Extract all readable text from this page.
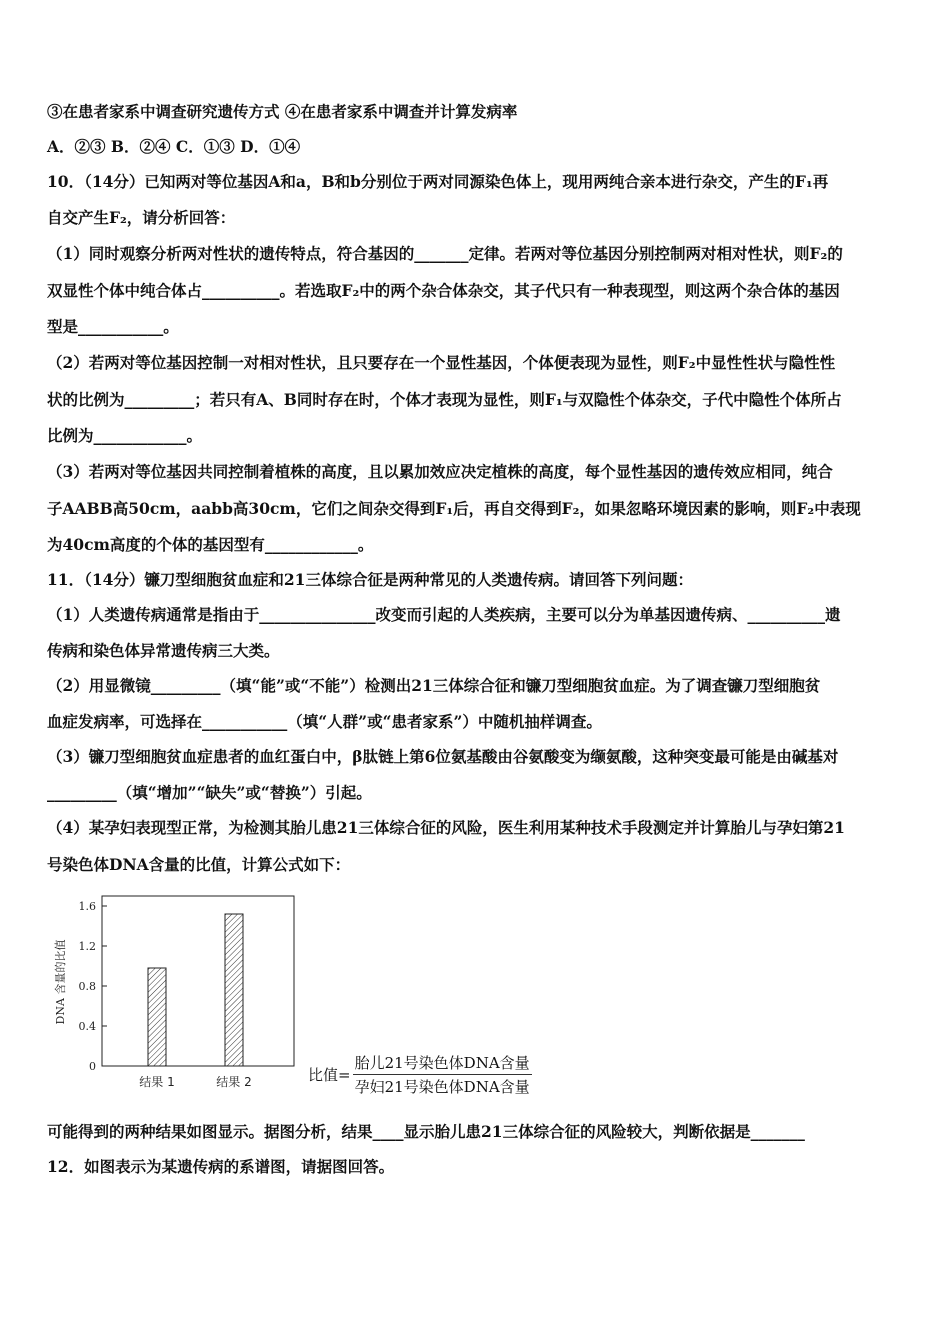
③在患者家系中调查研究遗传方式 ④在患者家系中调查并计算发病率
A．②③ B．②④ C．①③ D．①④
10．（14分）已知两对等位基因A和a，B和b分别位于两对同源染色体上，现用两纯合亲本进行杂交，产生的F₁再
自交产生F₂，请分析回答：
（1）同时观察分析两对性状的遗传特点，符合基因的_______定律。若两对等位基因分别控制两对相对性状，则F₂的
双显性个体中纯合体占__________。若选取F₂中的两个杂合体杂交，其子代只有一种表现型，则这两个杂合体的基因
型是___________。
（2）若两对等位基因控制一对相对性状，且只要存在一个显性基因，个体便表现为显性，则F₂中显性性状与隐性性
状的比例为_________；若只有A、B同时存在时，个体才表现为显性，则F₁与双隐性个体杂交，子代中隐性个体所占
比例为____________。
（3）若两对等位基因共同控制着植株的高度，且以累加效应决定植株的高度，每个显性基因的遗传效应相同，纯合
子AABB高50cm，aabb高30cm，它们之间杂交得到F₁后，再自交得到F₂，如果忽略环境因素的影响，则F₂中表现
为40cm高度的个体的基因型有____________。
11．（14分）镰刀型细胞贫血症和21三体综合征是两种常见的人类遗传病。请回答下列问题：
（1）人类遗传病通常是指由于_______________改变而引起的人类疾病，主要可以分为单基因遗传病、__________遗
传病和染色体异常遗传病三大类。
（2）用显微镜_________（填“能”或“不能”）检测出21三体综合征和镰刀型细胞贫血症。为了调查镰刀型细胞贫
血症发病率，可选择在___________（填“人群”或“患者家系”）中随机抽样调查。
（3）镰刀型细胞贫血症患者的血红蛋白中，β肽链上第6位氨基酸由谷氨酸变为缬氨酸，这种突变最可能是由碱基对
_________（填“增加”“缺失”或“替换”）引起。
（4）某孕妇表现型正常，为检测其胎儿患21三体综合征的风险，医生利用某种技术手段测定并计算胎儿与孕妇第21
号染色体DNA含量的比值，计算公式如下：
0
0.4
0.8
1.2
1.6
结果 1	结果 2
DNA 含量的比值
比值= $\frac{\text{胎儿21号染色体DNA含量}}{\text{孕妇21号染色体DNA含量}}$
可能得到的两种结果如图显示。据图分析，结果____显示胎儿患21三体综合征的风险较大，判断依据是_______
12．如图表示为某遗传病的系谱图，请据图回答。
